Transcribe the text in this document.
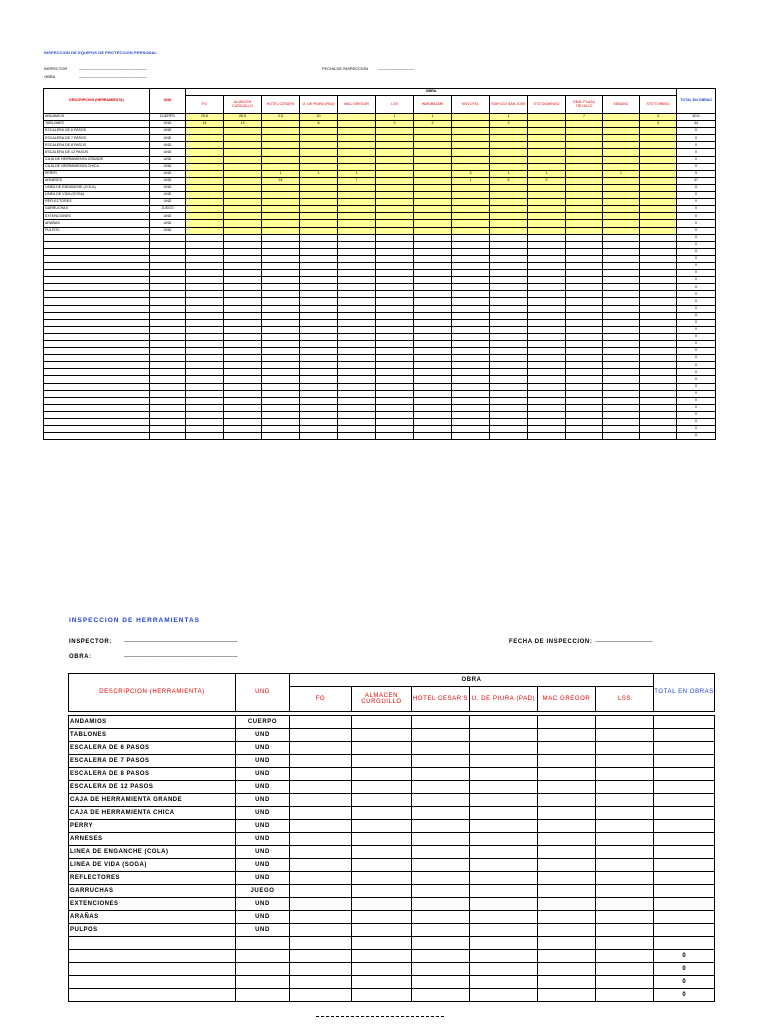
INSPECCION DE EQUIPOS DE PROTECCION PERSONAL
INSPECTOR	------------------------------------------------------------
OBRA	------------------------------------------------------------
FECHA DE INSPECCION --------------------------------
DESCRIPCION (HERRAMIENTA)	UND	OBRA													TOTAL EN OBRAS
		FG	ALMACEN CURGUILLO	HOTEL CESARS	U. DE PIURA (PAD)	MAC GREGOR	LSS	INMOBILIARI	NOVOTEL	EDIFICIO SAN JOSE	STO DOMINGO	REAL PLAZA TRUJILLO	KEBANC	STO TORIBIO	
ANDAMIOS	CUERPO	29.5	26.5	2.5	10		1	1		1		7		3	80.5
TABLONES	UND	14	13		8		2	2		2				3	44
ESCALERA DE 6 PASOS	UND														0
ESCALERA DE 7 PASOS	UND														0
ESCALERA DE 8 PASOS	UND														0
ESCALERA DE 12 PASOS	UND														0
CAJA DE HERRAMIENTA GRANDE	UND														0
CAJA DE HERRAMIENTA CHICA	UND														0
PERRY	UND			1	1	1			3	1	1		1		9
ARNESES	UND			24		7			1	6	9				47
LINEA DE ENGANCHE (COLA)	UND														0
LINEA DE VIDA (SOGA)	UND														0
REFLECTORES	UND														0
GARRUCHAS	JUEGO														0
EXTENCIONES	UND														0
ARAÑAS	UND														0
PULPOS	UND														0
															0
															0
															0
															0
															0
															0
															0
															0
															0
															0
															0
															0
															0
															0
															0
															0
															0
															0
															0
															0
															0
															0
															0
															0
															0
															0
															0
															0
															0
INSPECCION DE HERRAMIENTAS
INSPECTOR: -----------------------------------------------------------------------------------
OBRA:	-----------------------------------------------------------------------------------
FECHA DE INSPECCION: ------------------------------------------
DESCRIPCION (HERRAMIENTA)	UND	OBRA						TOTAL EN OBRAS
		FG	ALMACEN CURGUILLO	HOTEL CESAR'S	U. DE PIURA (PAD)	MAC GREGOR	LSS	

ANDAMIOS	CUERPO							
TABLONES	UND							
ESCALERA DE 6 PASOS	UND							
ESCALERA DE 7 PASOS	UND							
ESCALERA DE 8 PASOS	UND							
ESCALERA DE 12 PASOS	UND							
CAJA DE HERRAMIENTA GRANDE	UND							
CAJA DE HERRAMIENTA CHICA	UND							
PERRY	UND							
ARNESES	UND							
LINEA DE ENGANCHE (COLA)	UND							
LINEA DE VIDA (SOGA)	UND							
REFLECTORES	UND							
GARRUCHAS	JUEGO							
EXTENCIONES	UND							
ARAÑAS	UND							
PULPOS	UND							

								0
								0
								0
								0
